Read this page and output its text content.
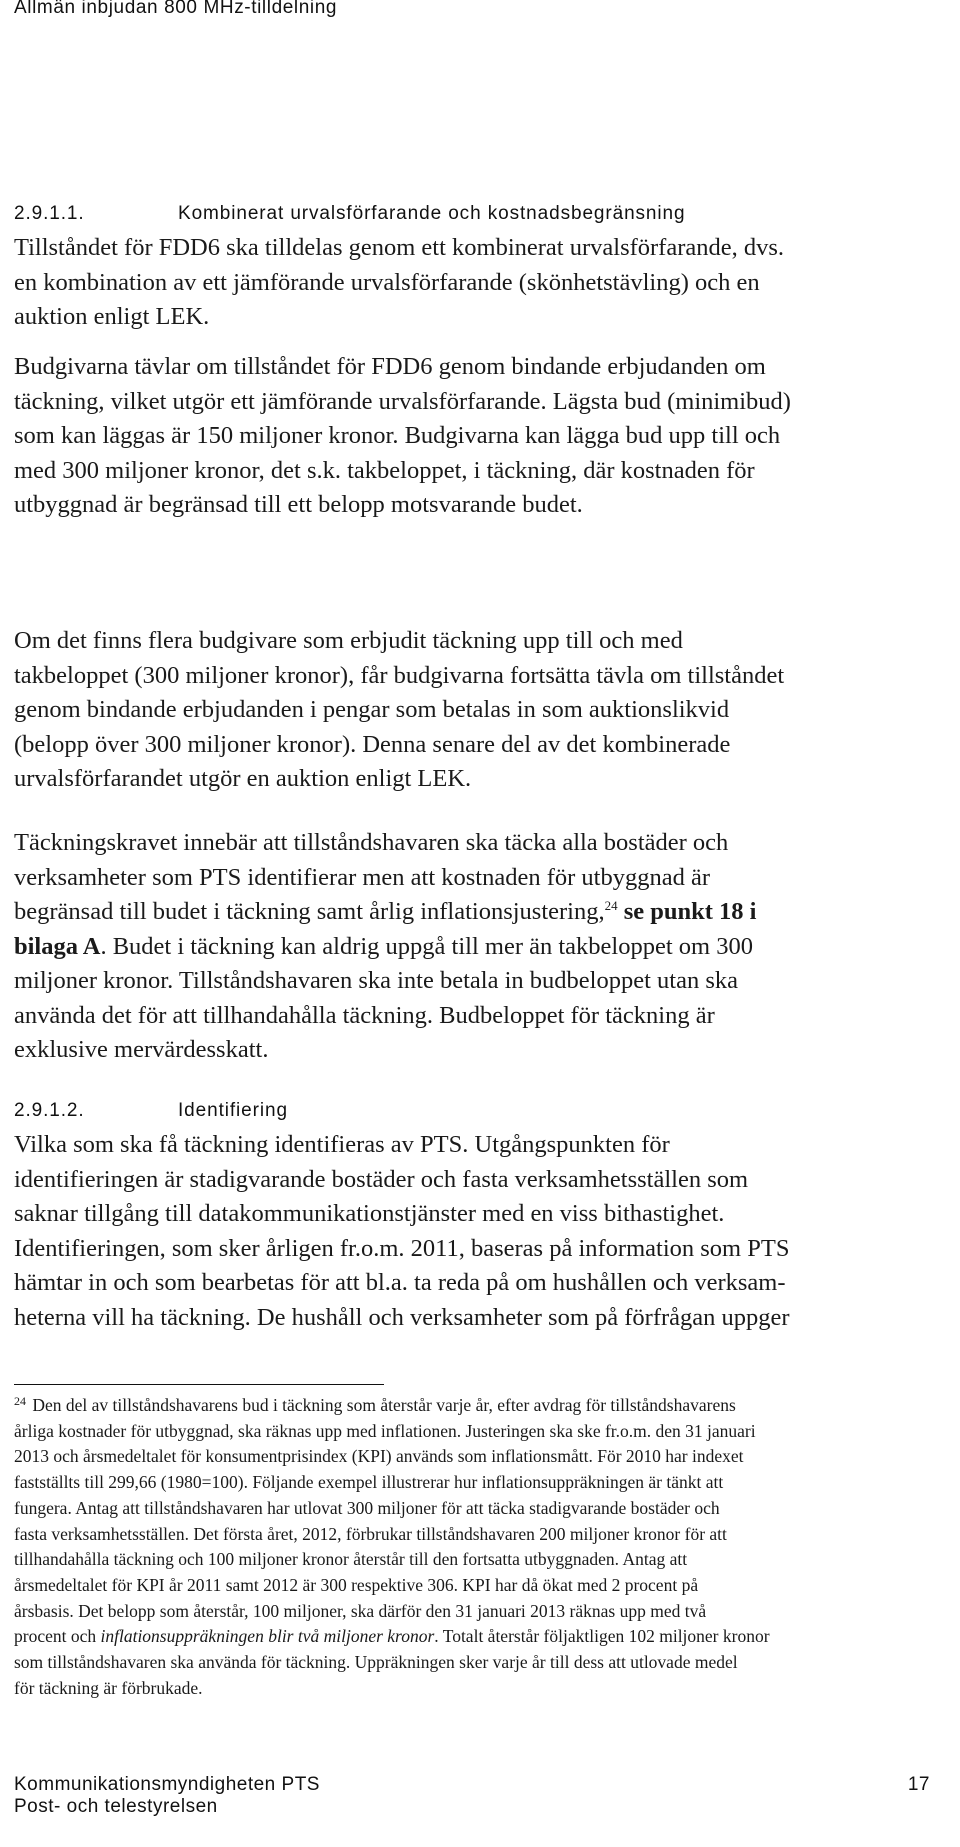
Allmän inbjudan 800 MHz-tilldelning
2.9.1.1.	Kombinerat urvalsförfarande och kostnadsbegränsning

Tillståndet för FDD6 ska tilldelas genom ett kombinerat urvalsförfarande, dvs.

en kombination av ett jämförande urvalsförfarande (skönhetstävling) och en

auktion enligt LEK.

Budgivarna tävlar om tillståndet för FDD6 genom bindande erbjudanden om

täckning, vilket utgör ett jämförande urvalsförfarande. Lägsta bud (minimibud)

som kan läggas är 150 miljoner kronor. Budgivarna kan lägga bud upp till och

med 300 miljoner kronor, det s.k. takbeloppet, i täckning, där kostnaden för

utbyggnad är begränsad till ett belopp motsvarande budet.

Om det finns flera budgivare som erbjudit täckning upp till och med

takbeloppet (300 miljoner kronor), får budgivarna fortsätta tävla om tillståndet

genom bindande erbjudanden i pengar som betalas in som auktionslikvid

(belopp över 300 miljoner kronor). Denna senare del av det kombinerade

urvalsförfarandet utgör en auktion enligt LEK.

Täckningskravet innebär att tillståndshavaren ska täcka alla bostäder och

verksamheter som PTS identifierar men att kostnaden för utbyggnad är

begränsad till budet i täckning samt årlig inflationsjustering,$^{24}$ se punkt 18 i

bilaga A. Budet i täckning kan aldrig uppgå till mer än takbeloppet om 300

miljoner kronor. Tillståndshavaren ska inte betala in budbeloppet utan ska

använda det för att tillhandahålla täckning. Budbeloppet för täckning är

exklusive mervärdesskatt.

2.9.1.2.	Identifiering

Vilka som ska få täckning identifieras av PTS. Utgångspunkten för

identifieringen är stadigvarande bostäder och fasta verksamhetsställen som

saknar tillgång till datakommunikationstjänster med en viss bithastighet.

Identifieringen, som sker årligen fr.o.m. 2011, baseras på information som PTS

hämtar in och som bearbetas för att bl.a. ta reda på om hushållen och verksam-

heterna vill ha täckning. De hushåll och verksamheter som på förfrågan uppger

$^{24}$ Den del av tillståndshavarens bud i täckning som återstår varje år, efter avdrag för tillståndshavarens

årliga kostnader för utbyggnad, ska räknas upp med inflationen. Justeringen ska ske fr.o.m. den 31 januari

2013 och årsmedeltalet för konsumentprisindex (KPI) används som inflationsmått. För 2010 har indexet

fastställts till 299,66 (1980=100). Följande exempel illustrerar hur inflationsuppräkningen är tänkt att

fungera. Antag att tillståndshavaren har utlovat 300 miljoner för att täcka stadigvarande bostäder och

fasta verksamhetsställen. Det första året, 2012, förbrukar tillståndshavaren 200 miljoner kronor för att

tillhandahålla täckning och 100 miljoner kronor återstår till den fortsatta utbyggnaden. Antag att

årsmedeltalet för KPI år 2011 samt 2012 är 300 respektive 306. KPI har då ökat med 2 procent på

årsbasis. Det belopp som återstår, 100 miljoner, ska därför den 31 januari 2013 räknas upp med två

procent och inflationsuppräkningen blir två miljoner kronor. Totalt återstår följaktligen 102 miljoner kronor

som tillståndshavaren ska använda för täckning. Uppräkningen sker varje år till dess att utlovade medel

för täckning är förbrukade.

Kommunikationsmyndigheten PTS
Post- och telestyrelsen
17
